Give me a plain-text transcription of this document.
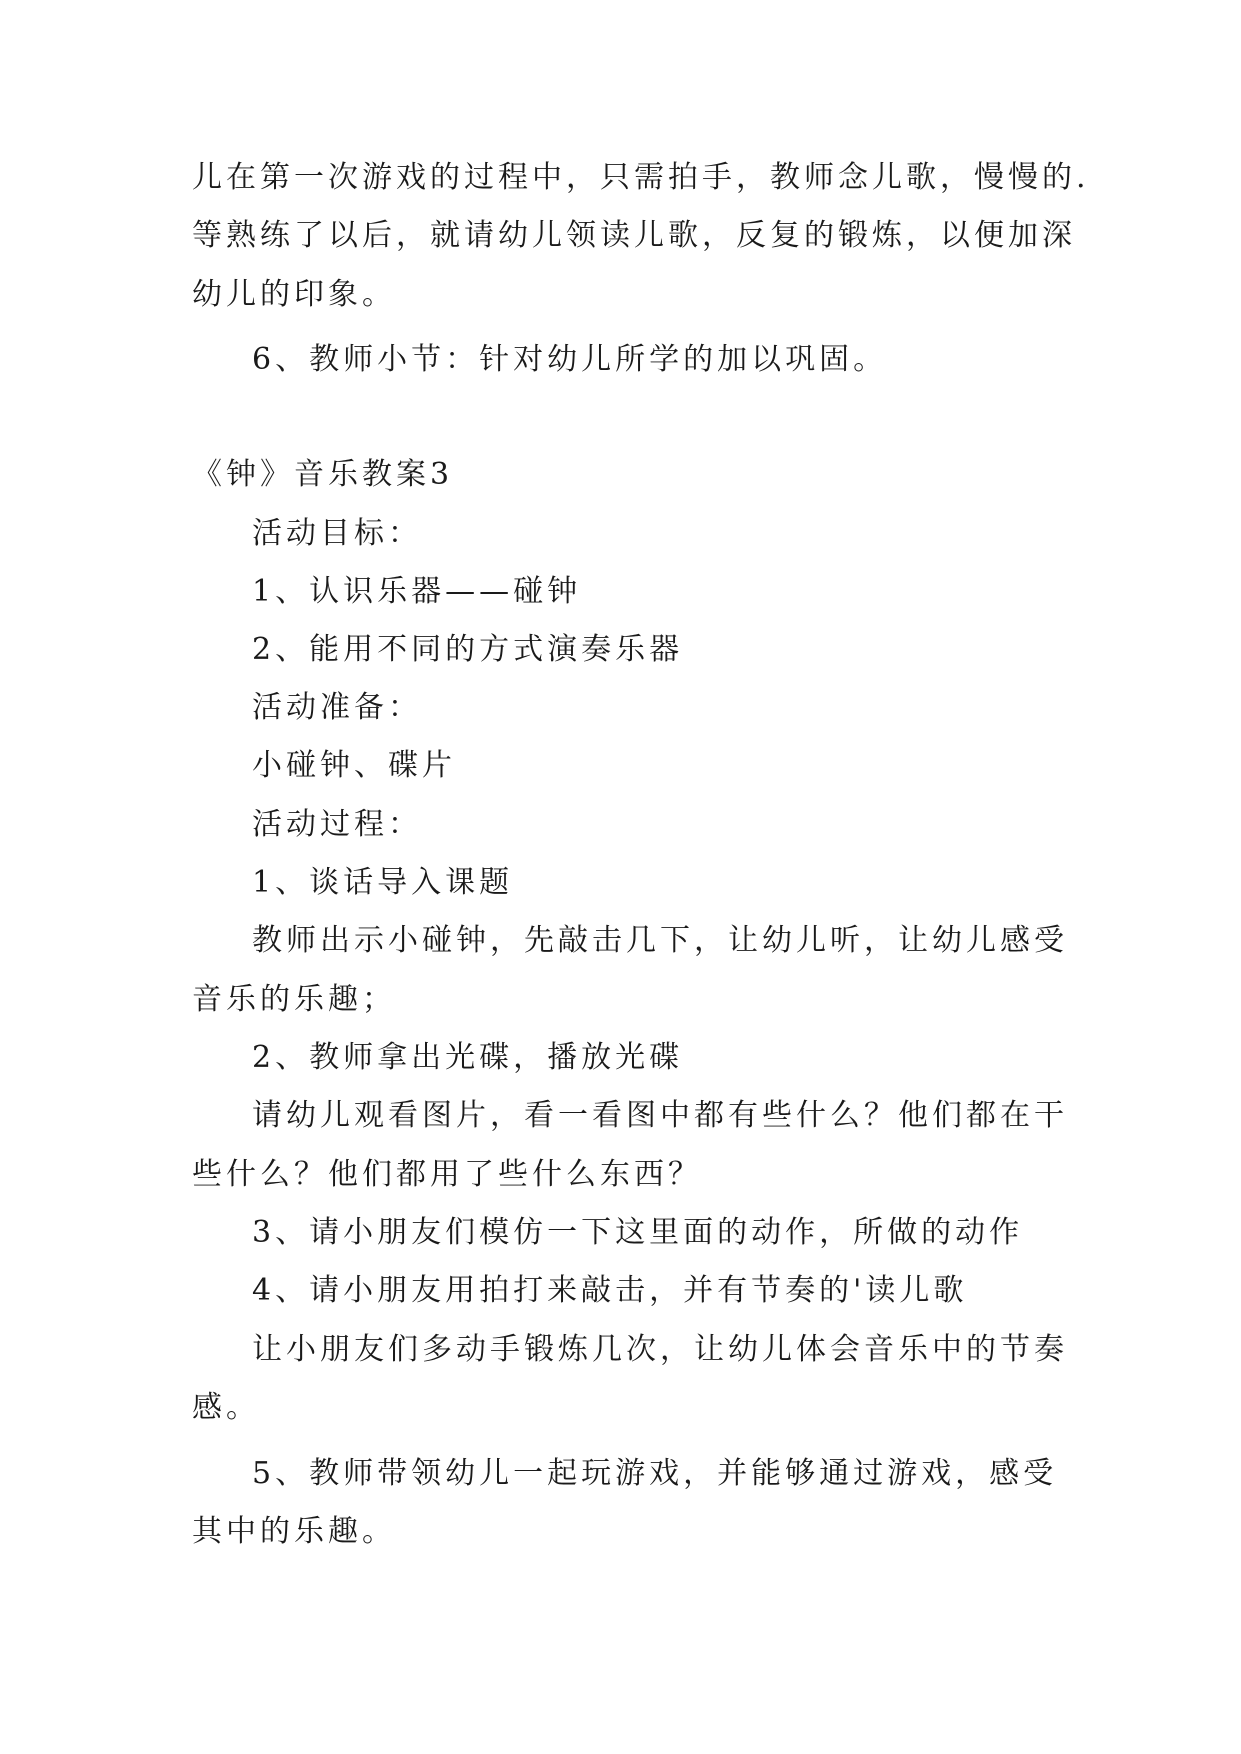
儿在第一次游戏的过程中，只需拍手，教师念儿歌，慢慢的.
等熟练了以后，就请幼儿领读儿歌，反复的锻炼，以便加深
幼儿的印象。
6、教师小节：针对幼儿所学的加以巩固。
《钟》音乐教案3
活动目标：
1、认识乐器——碰钟
2、能用不同的方式演奏乐器
活动准备：
小碰钟、碟片
活动过程：
1、谈话导入课题
教师出示小碰钟，先敲击几下，让幼儿听，让幼儿感受
音乐的乐趣；
2、教师拿出光碟，播放光碟
请幼儿观看图片，看一看图中都有些什么？他们都在干
些什么？他们都用了些什么东西？
3、请小朋友们模仿一下这里面的动作，所做的动作
4、请小朋友用拍打来敲击，并有节奏的'读儿歌
让小朋友们多动手锻炼几次，让幼儿体会音乐中的节奏
感。
5、教师带领幼儿一起玩游戏，并能够通过游戏，感受
其中的乐趣。
